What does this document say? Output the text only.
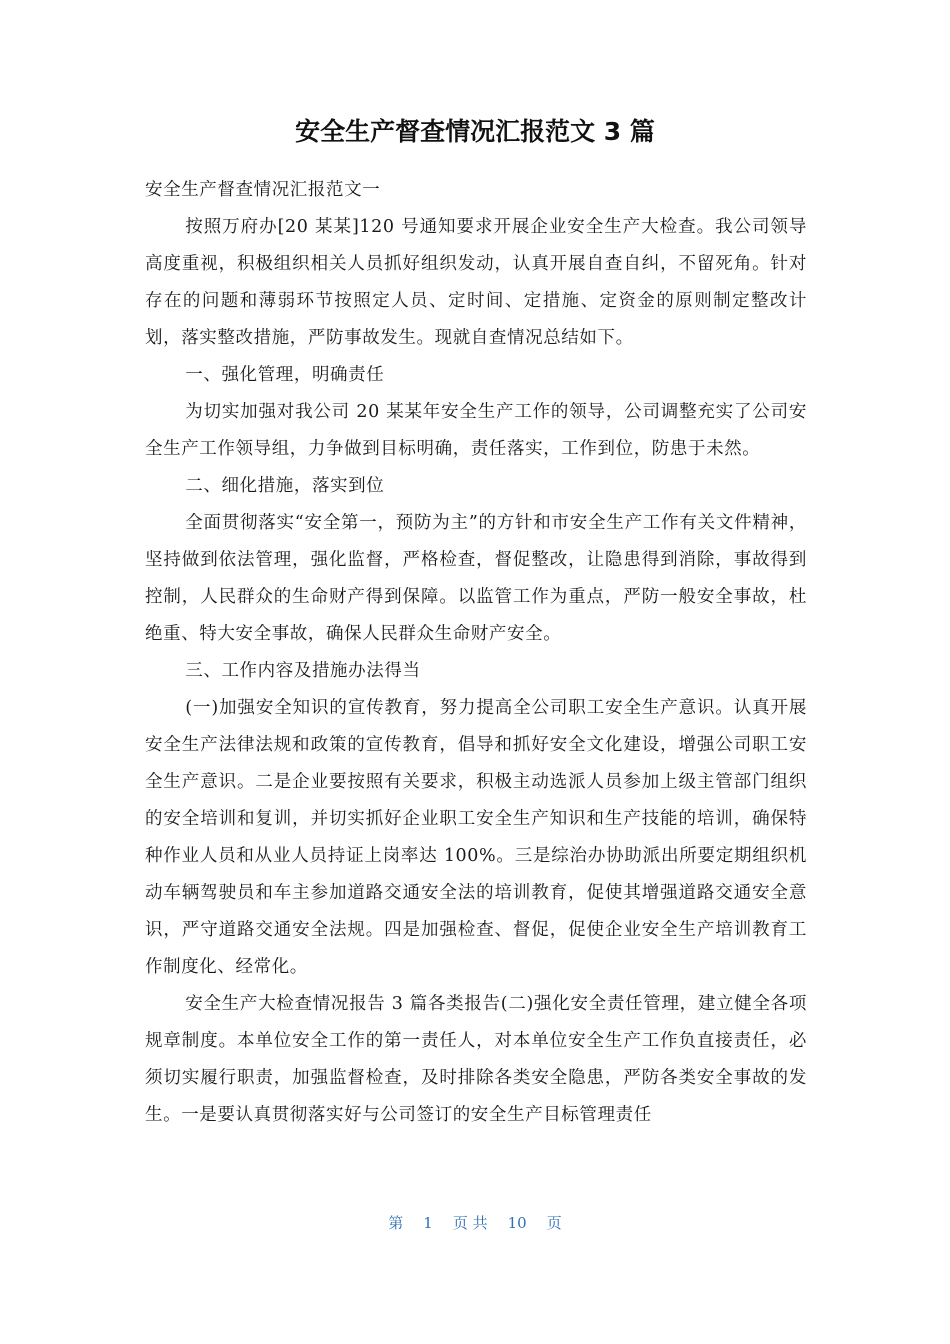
安全生产督查情况汇报范文 3 篇

安全生产督查情况汇报范文一

按照万府办[20 某某]120 号通知要求开展企业安全生产大检查。我公司领导高度重视，积极组织相关人员抓好组织发动，认真开展自查自纠，不留死角。针对存在的问题和薄弱环节按照定人员、定时间、定措施、定资金的原则制定整改计划，落实整改措施，严防事故发生。现就自查情况总结如下。

一、强化管理，明确责任

为切实加强对我公司 20 某某年安全生产工作的领导，公司调整充实了公司安全生产工作领导组，力争做到目标明确，责任落实，工作到位，防患于未然。

二、细化措施，落实到位

全面贯彻落实“安全第一，预防为主”的方针和市安全生产工作有关文件精神，坚持做到依法管理，强化监督，严格检查，督促整改，让隐患得到消除，事故得到控制，人民群众的生命财产得到保障。以监管工作为重点，严防一般安全事故，杜绝重、特大安全事故，确保人民群众生命财产安全。

三、工作内容及措施办法得当

(一)加强安全知识的宣传教育，努力提高全公司职工安全生产意识。认真开展安全生产法律法规和政策的宣传教育，倡导和抓好安全文化建设，增强公司职工安全生产意识。二是企业要按照有关要求，积极主动选派人员参加上级主管部门组织的安全培训和复训，并切实抓好企业职工安全生产知识和生产技能的培训，确保特种作业人员和从业人员持证上岗率达 100%。三是综治办协助派出所要定期组织机动车辆驾驶员和车主参加道路交通安全法的培训教育，促使其增强道路交通安全意识，严守道路交通安全法规。四是加强检查、督促，促使企业安全生产培训教育工作制度化、经常化。

安全生产大检查情况报告 3 篇各类报告(二)强化安全责任管理，建立健全各项规章制度。本单位安全工作的第一责任人，对本单位安全生产工作负直接责任，必须切实履行职责，加强监督检查，及时排除各类安全隐患，严防各类安全事故的发生。一是要认真贯彻落实好与公司签订的安全生产目标管理责任

第 1 页 共 10 页
